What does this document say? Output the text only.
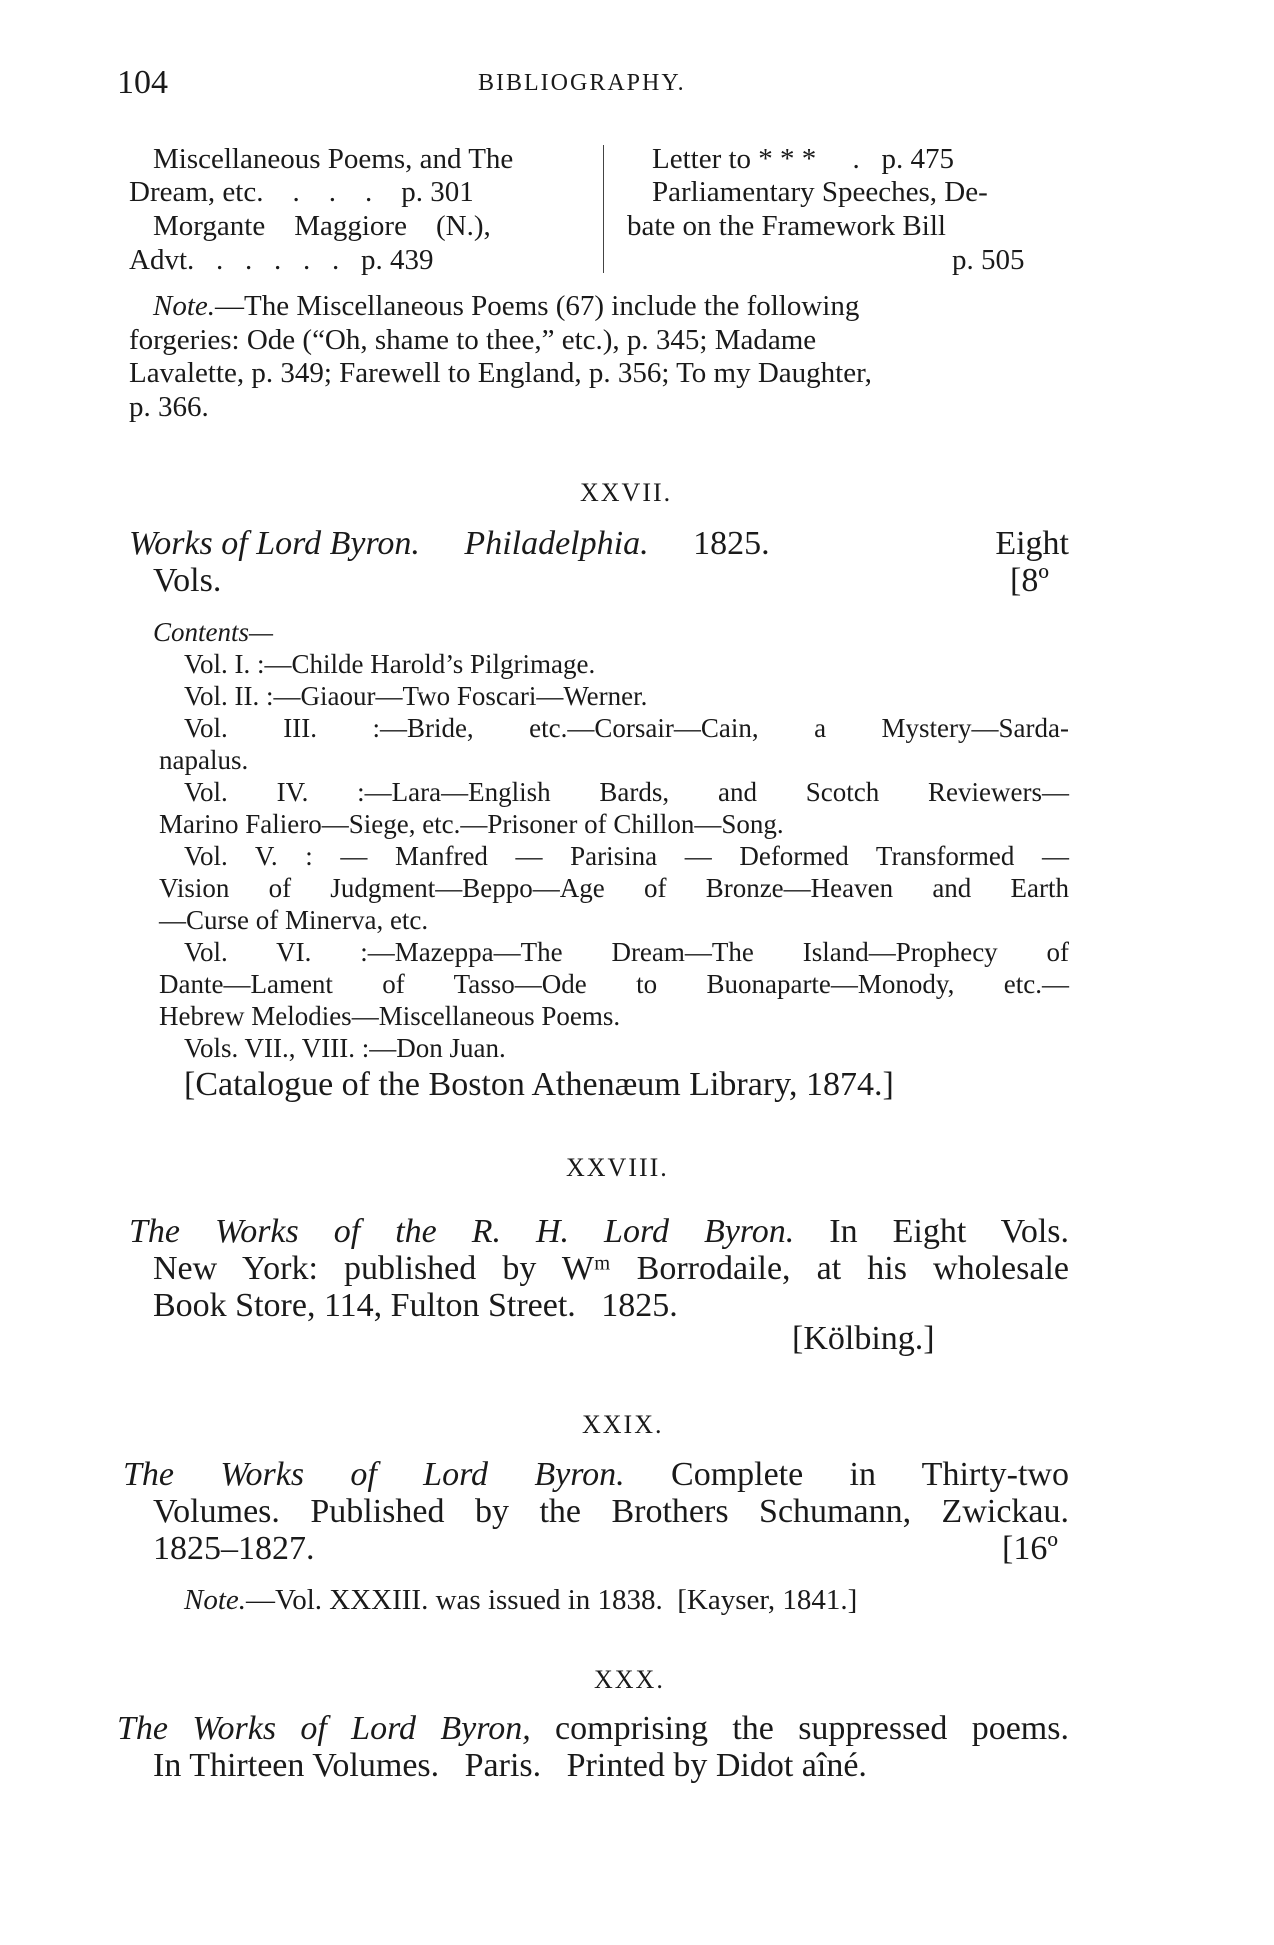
104	BIBLIOGRAPHY.
Miscellaneous Poems, and The
Dream, etc.    .    .    .    p. 301
Morgante    Maggiore    (N.),
Advt.   .   .   .   .   .   p. 439
Letter to * * *     .   p. 475
Parliamentary Speeches, De-
bate on the Framework Bill
p. 505
Note.—The Miscellaneous Poems (67) include the following
forgeries: Ode (“Oh, shame to thee,” etc.), p. 345; Madame
Lavalette, p. 349; Farewell to England, p. 356; To my Daughter,
p. 366.
XXVII.
Works of Lord Byron. Philadelphia. 1825.	Eight
Vols.	[8º
Contents—
Vol. I. :—Childe Harold’s Pilgrimage.
Vol. II. :—Giaour—Two Foscari—Werner.
Vol. III. :—Bride, etc.—Corsair—Cain, a Mystery—Sarda-
napalus.
Vol. IV. :—Lara—English Bards, and Scotch Reviewers—
Marino Faliero—Siege, etc.—Prisoner of Chillon—Song.
Vol. V. : — Manfred — Parisina — Deformed Transformed —
Vision of Judgment—Beppo—Age of Bronze—Heaven and Earth
—Curse of Minerva, etc.
Vol. VI. :—Mazeppa—The Dream—The Island—Prophecy of
Dante—Lament of Tasso—Ode to Buonaparte—Monody, etc.—
Hebrew Melodies—Miscellaneous Poems.
Vols. VII., VIII. :—Don Juan.
[Catalogue of the Boston Athenæum Library, 1874.]
XXVIII.
The Works of the R. H. Lord Byron. In Eight Vols.
New York: published by Wᵐ Borrodaile, at his wholesale
Book Store, 114, Fulton Street.   1825.
[Kölbing.]
XXIX.
The Works of Lord Byron. Complete in Thirty-two
Volumes. Published by the Brothers Schumann, Zwickau.
1825–1827.	[16º
Note.—Vol. XXXIII. was issued in 1838.  [Kayser, 1841.]
XXX.
The Works of Lord Byron, comprising the suppressed poems.
In Thirteen Volumes.   Paris.   Printed by Didot aîné.
